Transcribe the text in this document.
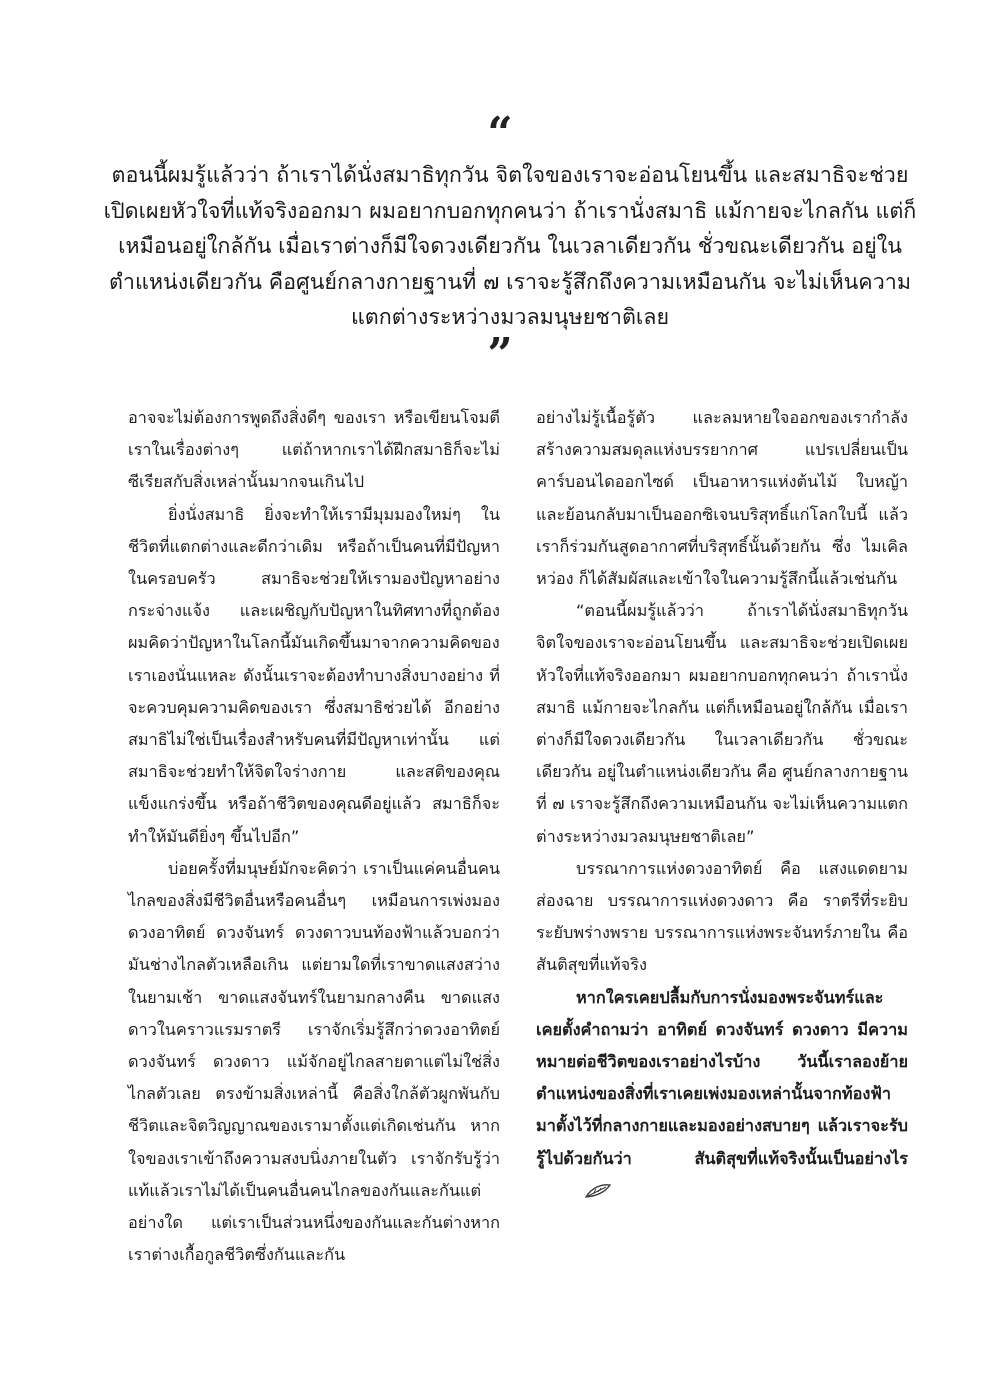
“
ตอนนี้ผมรู้แล้วว่า ถ้าเราได้นั่งสมาธิทุกวัน จิตใจของเราจะอ่อนโยนขึ้น และสมาธิจะช่วยเปิดเผยหัวใจที่แท้จริงออกมา ผมอยากบอกทุกคนว่า ถ้าเรานั่งสมาธิ แม้กายจะไกลกัน แต่ก็เหมือนอยู่ใกล้กัน เมื่อเราต่างก็มีใจดวงเดียวกัน ในเวลาเดียวกัน ชั่วขณะเดียวกัน อยู่ในตำแหน่งเดียวกัน คือศูนย์กลางกายฐานที่ ๗ เราจะรู้สึกถึงความเหมือนกัน จะไม่เห็นความแตกต่างระหว่างมวลมนุษยชาติเลย
”

อาจจะไม่ต้องการพูดถึงสิ่งดีๆ ของเรา หรือเขียนโจมตีเราในเรื่องต่างๆ แต่ถ้าหากเราได้ฝึกสมาธิก็จะไม่ซีเรียสกับสิ่งเหล่านั้นมากจนเกินไป

ยิ่งนั่งสมาธิ ยิ่งจะทำให้เรามีมุมมองใหม่ๆ ในชีวิตที่แตกต่างและดีกว่าเดิม หรือถ้าเป็นคนที่มีปัญหาในครอบครัว สมาธิจะช่วยให้เรามองปัญหาอย่างกระจ่างแจ้ง และเผชิญกับปัญหาในทิศทางที่ถูกต้อง ผมคิดว่าปัญหาในโลกนี้มันเกิดขึ้นมาจากความคิดของเราเองนั่นแหละ ดังนั้นเราจะต้องทำบางสิ่งบางอย่าง ที่จะควบคุมความคิดของเรา ซึ่งสมาธิช่วยได้ อีกอย่างสมาธิไม่ใช่เป็นเรื่องสำหรับคนที่มีปัญหาเท่านั้น แต่สมาธิจะช่วยทำให้จิตใจร่างกาย และสติของคุณแข็งแกร่งขึ้น หรือถ้าชีวิตของคุณดีอยู่แล้ว สมาธิก็จะทำให้มันดียิ่งๆ ขึ้นไปอีก”

บ่อยครั้งที่มนุษย์มักจะคิดว่า เราเป็นแค่คนอื่นคนไกลของสิ่งมีชีวิตอื่นหรือคนอื่นๆ เหมือนการเพ่งมองดวงอาทิตย์ ดวงจันทร์ ดวงดาวบนท้องฟ้าแล้วบอกว่า มันช่างไกลตัวเหลือเกิน แต่ยามใดที่เราขาดแสงสว่างในยามเช้า ขาดแสงจันทร์ในยามกลางคืน ขาดแสงดาวในคราวแรมราตรี เราจักเริ่มรู้สึกว่าดวงอาทิตย์ ดวงจันทร์ ดวงดาว แม้จักอยู่ไกลสายตาแต่ไม่ใช่สิ่งไกลตัวเลย ตรงข้ามสิ่งเหล่านี้ คือสิ่งใกล้ตัวผูกพันกับชีวิตและจิตวิญญาณของเรามาตั้งแต่เกิดเช่นกัน หากใจของเราเข้าถึงความสงบนิ่งภายในตัว เราจักรับรู้ว่า แท้แล้วเราไม่ได้เป็นคนอื่นคนไกลของกันและกันแต่อย่างใด แต่เราเป็นส่วนหนึ่งของกันและกันต่างหาก เราต่างเกื้อกูลชีวิตซึ่งกันและกัน

อย่างไม่รู้เนื้อรู้ตัว และลมหายใจออกของเรากำลังสร้างความสมดุลแห่งบรรยากาศ แปรเปลี่ยนเป็นคาร์บอนไดออกไซด์ เป็นอาหารแห่งต้นไม้ ใบหญ้า และย้อนกลับมาเป็นออกซิเจนบริสุทธิ์แก่โลกใบนี้ แล้วเราก็ร่วมกันสูดอากาศที่บริสุทธิ์นั้นด้วยกัน ซึ่ง ไมเคิล หว่อง ก็ได้สัมผัสและเข้าใจในความรู้สึกนี้แล้วเช่นกัน

“ตอนนี้ผมรู้แล้วว่า ถ้าเราได้นั่งสมาธิทุกวัน จิตใจของเราจะอ่อนโยนขึ้น และสมาธิจะช่วยเปิดเผยหัวใจที่แท้จริงออกมา ผมอยากบอกทุกคนว่า ถ้าเรานั่งสมาธิ แม้กายจะไกลกัน แต่ก็เหมือนอยู่ใกล้กัน เมื่อเราต่างก็มีใจดวงเดียวกัน ในเวลาเดียวกัน ชั่วขณะเดียวกัน อยู่ในตำแหน่งเดียวกัน คือ ศูนย์กลางกายฐานที่ ๗ เราจะรู้สึกถึงความเหมือนกัน จะไม่เห็นความแตกต่างระหว่างมวลมนุษยชาติเลย”

บรรณาการแห่งดวงอาทิตย์ คือ แสงแดดยามส่องฉาย บรรณาการแห่งดวงดาว คือ ราตรีที่ระยิบระยับพร่างพราย บรรณาการแห่งพระจันทร์ภายใน คือ สันติสุขที่แท้จริง

หากใครเคยปลื้มกับการนั่งมองพระจันทร์และเคยตั้งคำถามว่า อาทิตย์ ดวงจันทร์ ดวงดาว มีความหมายต่อชีวิตของเราอย่างไรบ้าง วันนี้เราลองย้ายตำแหน่งของสิ่งที่เราเคยเพ่งมองเหล่านั้นจากท้องฟ้ามาตั้งไว้ที่กลางกายและมองอย่างสบายๆ แล้วเราจะรับรู้ไปด้วยกันว่า สันติสุขที่แท้จริงนั้นเป็นอย่างไร
